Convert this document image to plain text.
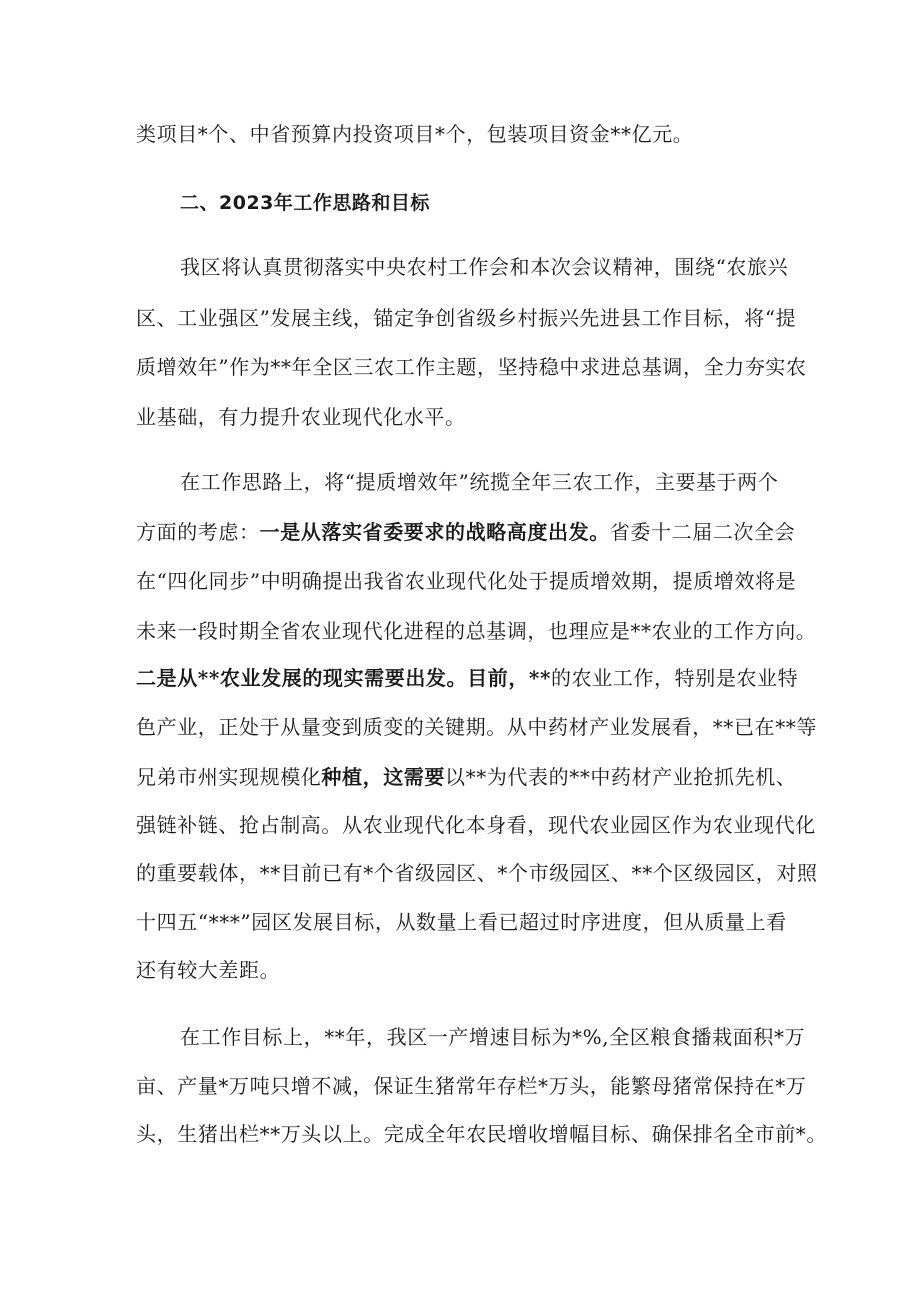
类项目*个、中省预算内投资项目*个，包装项目资金**亿元。
二、2023年工作思路和目标
我区将认真贯彻落实中央农村工作会和本次会议精神，围绕“农旅兴
区、工业强区”发展主线，锚定争创省级乡村振兴先进县工作目标，将“提
质增效年”作为**年全区三农工作主题，坚持稳中求进总基调，全力夯实农
业基础，有力提升农业现代化水平。
在工作思路上，将“提质增效年”统揽全年三农工作，主要基于两个
方面的考虑：一是从落实省委要求的战略高度出发。省委十二届二次全会
在“四化同步”中明确提出我省农业现代化处于提质增效期，提质增效将是
未来一段时期全省农业现代化进程的总基调，也理应是**农业的工作方向。
二是从**农业发展的现实需要出发。目前，**的农业工作，特别是农业特
色产业，正处于从量变到质变的关键期。从中药材产业发展看，**已在**等
兄弟市州实现规模化种植，这需要以**为代表的**中药材产业抢抓先机、
强链补链、抢占制高。从农业现代化本身看，现代农业园区作为农业现代化
的重要载体，**目前已有*个省级园区、*个市级园区、**个区级园区，对照
十四五“***”园区发展目标，从数量上看已超过时序进度，但从质量上看
还有较大差距。
在工作目标上，**年，我区一产增速目标为*%,全区粮食播栽面积*万
亩、产量*万吨只增不减，保证生猪常年存栏*万头，能繁母猪常保持在*万
头，生猪出栏**万头以上。完成全年农民增收增幅目标、确保排名全市前*。
